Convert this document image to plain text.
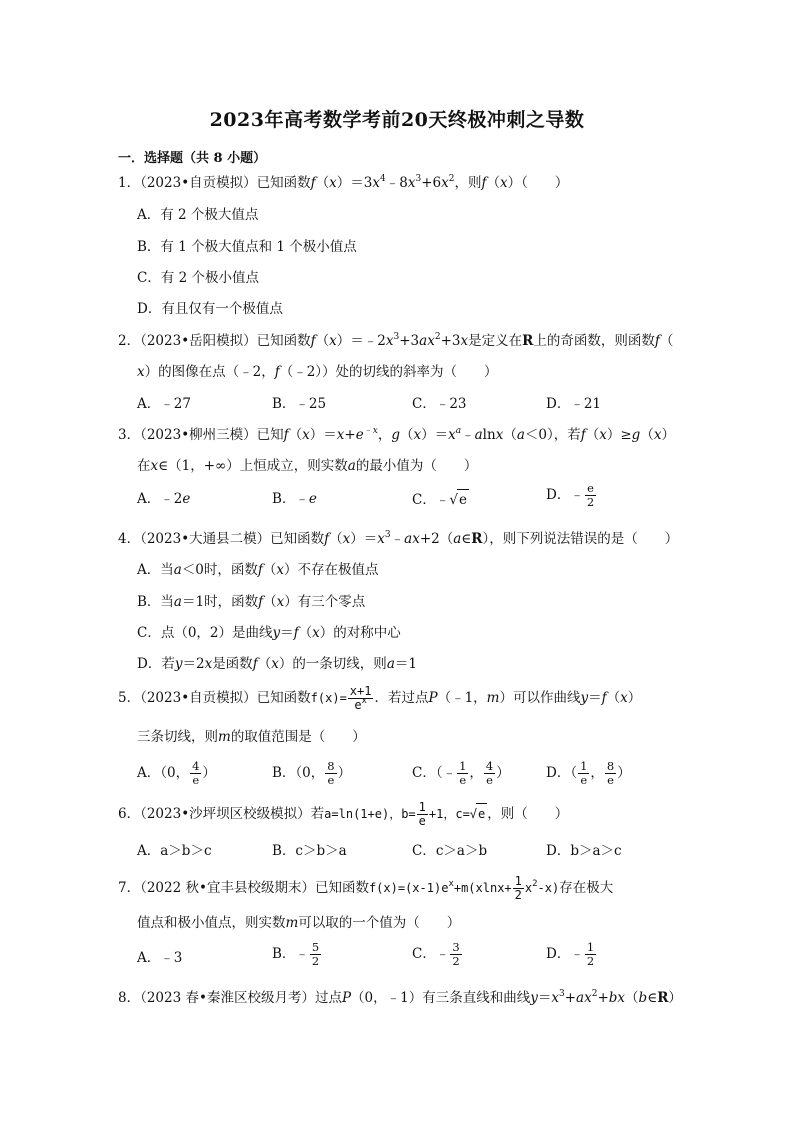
2023年高考数学考前20天终极冲刺之导数
一．选择题（共 8 小题）
1．（2023•自贡模拟）已知函数$f(x)=3x^4﹣8x^3+6x^2$，则f（x）（　　）
A．有 2 个极大值点
B．有 1 个极大值点和 1 个极小值点
C．有 2 个极小值点
D．有且仅有一个极值点
2．（2023•岳阳模拟）已知函数$f(x)=﹣2x^3+3ax^2+3x$是定义在R上的奇函数，则函数f（
x）的图像在点（﹣2，f（﹣2））处的切线的斜率为（　　）
A．﹣27	B．﹣25	C．﹣23	D．﹣21
3．（2023•柳州三模）已知$f(x)=x+e^{﹣x}$，$g(x)=x^a﹣alnx(a<0)$，若f（x）≥g（x）
在x∈（1，+∞）上恒成立，则实数a的最小值为（　　）
A．﹣2e	B．﹣e	C．﹣√e	D．﹣ $\frac{e}{2}$
4．（2023•大通县二模）已知函数$f(x)=x^3﹣ax+2(a\in R)$，则下列说法错误的是（　　）
A．当a＜0时，函数f（x）不存在极值点
B．当a＝1时，函数f（x）有三个零点
C．点（0，2）是曲线y＝f（x）的对称中心
D．若y＝2x是函数f（x）的一条切线，则a＝1
5．（2023•自贡模拟）已知函数$f(x)= \frac{x+1}{e^x}$ ．若过点P（﹣1，m）可以作曲线y＝f（x）
三条切线，则m的取值范围是（　　）
A．（0， $\frac{4}{e}$ ）	B．（0， $\frac{8}{e}$ ）	C．（﹣ $\frac{1}{e}$ ， $\frac{4}{e}$ ）	D．（ $\frac{1}{e}$ ， $\frac{8}{e}$ ）
6．（2023•沙坪坝区校级模拟）若a=ln(1+e)，$b= \frac{1}{e} +1$，c=√e ，则（　　）
A．a＞b＞c	B．c＞b＞a	C．c＞a＞b	D．b＞a＞c
7．（2022 秋•宜丰县校级期末）已知函数$f(x)=(x-1)e^x+m(xlnx+ \frac{1}{2} x^2-x)$存在极大
值点和极小值点，则实数m可以取的一个值为（　　）
A．﹣3	B．﹣ $\frac{5}{2}$	C．﹣ $\frac{3}{2}$	D．﹣ $\frac{1}{2}$
8．（2023 春•秦淮区校级月考）过点P（0，﹣1）有三条直线和曲线$y=x^3+ax^2+bx(b\in R)$
